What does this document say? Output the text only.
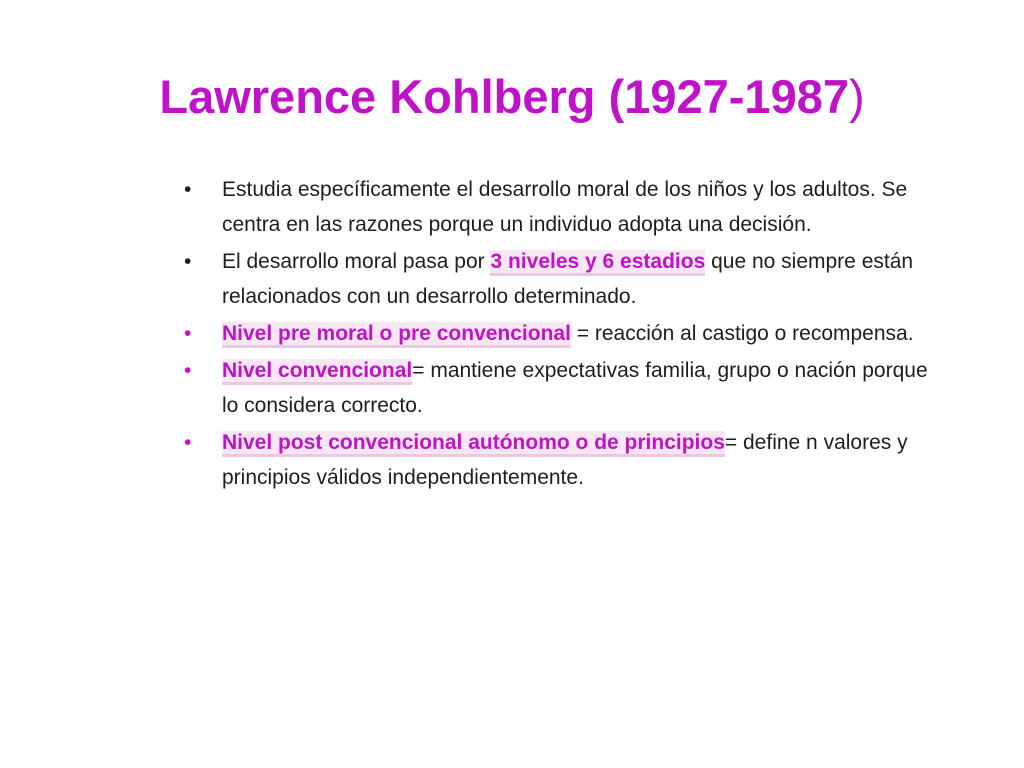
Lawrence Kohlberg (1927-1987)
•	Estudia específicamente el desarrollo moral de los niños y los adultos. Se centra en las razones porque un individuo adopta una decisión.
•	El desarrollo moral pasa por 3 niveles y 6 estadios que no siempre están relacionados con un desarrollo determinado.
•	Nivel pre moral o pre convencional = reacción al castigo o recompensa.
•	Nivel convencional= mantiene expectativas familia, grupo o nación porque lo considera correcto.
•	Nivel post convencional autónomo o de principios= define n valores y principios válidos independientemente.
